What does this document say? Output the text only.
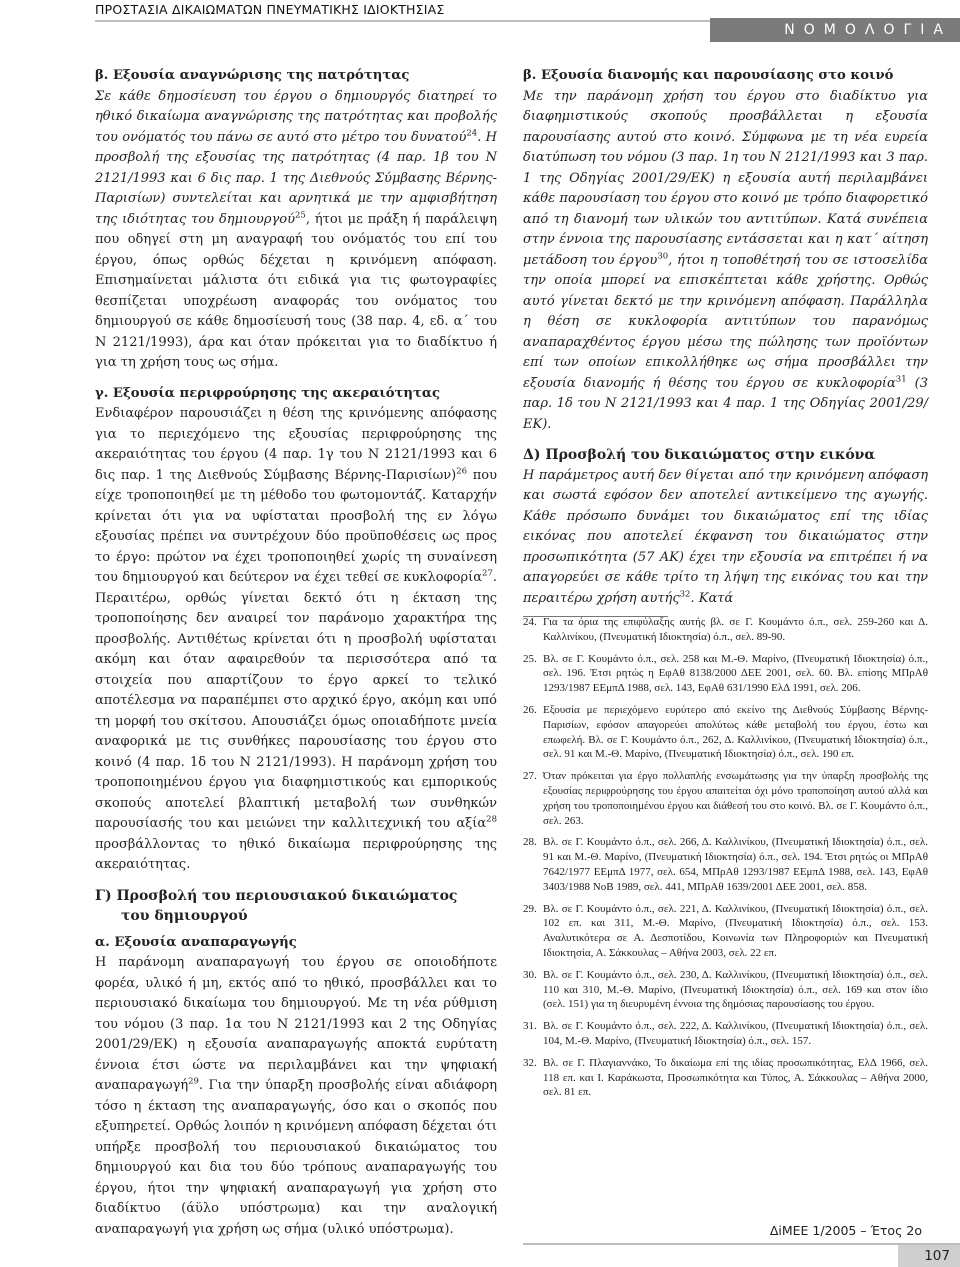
ΠΡΟΣΤΑΣΙΑ ΔΙΚΑΙΩΜΑΤΩΝ ΠΝΕΥΜΑΤΙΚΗΣ ΙΔΙΟΚΤΗΣΙΑΣ
ΝΟΜΟΛΟΓΙΑ

β. Εξουσία αναγνώρισης της πατρότητας

Σε κάθε δημοσίευση του έργου ο δημιουργός διατηρεί το ηθικό δικαίωμα αναγνώρισης της πατρότητας και προβολής του ονόματός του πάνω σε αυτό στο μέτρο του δυνατού$^{24}$. Η προσβολή της εξουσίας της πατρότητας (4 παρ. 1β του Ν 2121/1993 και 6 δις παρ. 1 της Διεθνούς Σύμβασης Βέρνης-Παρισίων) συντελείται και αρνητικά με την αμφισβήτηση της ιδιότητας του δημιουργού$^{25}$, ήτοι με πράξη ή παράλειψη που οδηγεί στη μη αναγραφή του ονόματός του επί του έργου, όπως ορθώς δέχεται η κρινόμενη απόφαση. Επισημαίνεται μάλιστα ότι ειδικά για τις φωτογραφίες θεσπίζεται υποχρέωση αναφοράς του ονόματος του δημιουργού σε κάθε δημοσίευσή τους (38 παρ. 4, εδ. α΄ του Ν 2121/1993), άρα και όταν πρόκειται για το διαδίκτυο ή για τη χρήση τους ως σήμα.

γ. Εξουσία περιφρούρησης της ακεραιότητας

Ενδιαφέρον παρουσιάζει η θέση της κρινόμενης απόφασης για το περιεχόμενο της εξουσίας περιφρούρησης της ακεραιότητας του έργου (4 παρ. 1γ του Ν 2121/1993 και 6 δις παρ. 1 της Διεθνούς Σύμβασης Βέρνης-Παρισίων)$^{26}$ που είχε τροποποιηθεί με τη μέθοδο του φωτομοντάζ. Καταρχήν κρίνεται ότι για να υφίσταται προσβολή της εν λόγω εξουσίας πρέπει να συντρέχουν δύο προϋποθέσεις ως προς το έργο: πρώτον να έχει τροποποιηθεί χωρίς τη συναίνεση του δημιουργού και δεύτερον να έχει τεθεί σε κυκλοφορία$^{27}$. Περαιτέρω, ορθώς γίνεται δεκτό ότι η έκταση της τροποποίησης δεν αναιρεί τον παράνομο χαρακτήρα της προσβολής. Αντιθέτως κρίνεται ότι η προσβολή υφίσταται ακόμη και όταν αφαιρεθούν τα περισσότερα από τα στοιχεία που απαρτίζουν το έργο αρκεί το τελικό αποτέλεσμα να παραπέμπει στο αρχικό έργο, ακόμη και υπό τη μορφή του σκίτσου. Απουσιάζει όμως οποιαδήποτε μνεία αναφορικά με τις συνθήκες παρουσίασης του έργου στο κοινό (4 παρ. 1δ του Ν 2121/1993). Η παράνομη χρήση του τροποποιημένου έργου για διαφημιστικούς και εμπορικούς σκοπούς αποτελεί βλαπτική μεταβολή των συνθηκών παρουσίασής του και μειώνει την καλλιτεχνική του αξία$^{28}$ προσβάλλοντας το ηθικό δικαίωμα περιφρούρησης της ακεραιότητας.

Γ) Προσβολή του περιουσιακού δικαιώματος

του δημιουργού

α. Εξουσία αναπαραγωγής

Η παράνομη αναπαραγωγή του έργου σε οποιοδήποτε φορέα, υλικό ή μη, εκτός από το ηθικό, προσβάλλει και το περιουσιακό δικαίωμα του δημιουργού. Με τη νέα ρύθμιση του νόμου (3 παρ. 1α του Ν 2121/1993 και 2 της Οδηγίας 2001/29/ΕΚ) η εξουσία αναπαραγωγής αποκτά ευρύτατη έννοια έτσι ώστε να περιλαμβάνει και την ψηφιακή αναπαραγωγή$^{29}$. Για την ύπαρξη προσβολής είναι αδιάφορη τόσο η έκταση της αναπαραγωγής, όσο και ο σκοπός που εξυπηρετεί. Ορθώς λοιπόν η κρινόμενη απόφαση δέχεται ότι υπήρξε προσβολή του περιουσιακού δικαιώματος του δημιουργού και δια του δύο τρόπους αναπαραγωγής του έργου, ήτοι την ψηφιακή αναπαραγωγή για χρήση στο διαδίκτυο (άϋλο υπόστρωμα) και την αναλογική αναπαραγωγή για χρήση ως σήμα (υλικό υπόστρωμα).

β. Εξουσία διανομής και παρουσίασης στο κοινό

Με την παράνομη χρήση του έργου στο διαδίκτυο για διαφημιστικούς σκοπούς προσβάλλεται η εξουσία παρουσίασης αυτού στο κοινό. Σύμφωνα με τη νέα ευρεία διατύπωση του νόμου (3 παρ. 1η του Ν 2121/1993 και 3 παρ. 1 της Οδηγίας 2001/29/ΕΚ) η εξουσία αυτή περιλαμβάνει κάθε παρουσίαση του έργου στο κοινό με τρόπο διαφορετικό από τη διανομή των υλικών του αντιτύπων. Κατά συνέπεια στην έννοια της παρουσίασης εντάσσεται και η κατ΄ αίτηση μετάδοση του έργου$^{30}$, ήτοι η τοποθέτησή του σε ιστοσελίδα την οποία μπορεί να επισκέπτεται κάθε χρήστης. Ορθώς αυτό γίνεται δεκτό με την κρινόμενη απόφαση. Παράλληλα η θέση σε κυκλοφορία αντιτύπων του παρανόμως αναπαραχθέντος έργου μέσω της πώλησης των προϊόντων επί των οποίων επικολλήθηκε ως σήμα προσβάλλει την εξουσία διανομής ή θέσης του έργου σε κυκλοφορία$^{31}$ (3 παρ. 1δ του Ν 2121/1993 και 4 παρ. 1 της Οδηγίας 2001/29/ΕΚ).

Δ) Προσβολή του δικαιώματος στην εικόνα

Η παράμετρος αυτή δεν θίγεται από την κρινόμενη απόφαση και σωστά εφόσον δεν αποτελεί αντικείμενο της αγωγής. Κάθε πρόσωπο δυνάμει του δικαιώματος επί της ιδίας εικόνας που αποτελεί έκφανση του δικαιώματος στην προσωπικότητα (57 ΑΚ) έχει την εξουσία να επιτρέπει ή να απαγορεύει σε κάθε τρίτο τη λήψη της εικόνας του και την περαιτέρω χρήση αυτής$^{32}$. Κατά

24. Για τα όρια της επιφύλαξης αυτής βλ. σε Γ. Κουμάντο ό.π., σελ. 259-260 και Δ. Καλλινίκου, (Πνευματική Ιδιοκτησία) ό.π., σελ. 89-90.
25. Βλ. σε Γ. Κουμάντο ό.π., σελ. 258 και Μ.-Θ. Μαρίνο, (Πνευματική Ιδιοκτησία) ό.π., σελ. 196. Έτσι ρητώς η ΕφΑθ 8138/2000 ΔΕΕ 2001, σελ. 60. Βλ. επίσης ΜΠρΑθ 1293/1987 ΕΕμπΔ 1988, σελ. 143, ΕφΑθ 631/1990 ΕλΔ 1991, σελ. 206.
26. Εξουσία με περιεχόμενο ευρύτερο από εκείνο της Διεθνούς Σύμβασης Βέρνης-Παρισίων, εφόσον απαγορεύει απολύτως κάθε μεταβολή του έργου, έστω και επωφελή. Βλ. σε Γ. Κουμάντο ό.π., 262, Δ. Καλλινίκου, (Πνευματική Ιδιοκτησία) ό.π., σελ. 91 και Μ.-Θ. Μαρίνο, (Πνευματική Ιδιοκτησία) ό.π., σελ. 190 επ.
27. Όταν πρόκειται για έργο πολλαπλής ενσωμάτωσης για την ύπαρξη προσβολής της εξουσίας περιφρούρησης του έργου απαιτείται όχι μόνο τροποποίηση αυτού αλλά και χρήση του τροποποιημένου έργου και διάθεσή του στο κοινό. Βλ. σε Γ. Κουμάντο ό.π., σελ. 263.
28. Βλ. σε Γ. Κουμάντο ό.π., σελ. 266, Δ. Καλλινίκου, (Πνευματική Ιδιοκτησία) ό.π., σελ. 91 και Μ.-Θ. Μαρίνο, (Πνευματική Ιδιοκτησία) ό.π., σελ. 194. Έτσι ρητώς οι ΜΠρΑθ 7642/1977 ΕΕμπΔ 1977, σελ. 654, ΜΠρΑθ 1293/1987 ΕΕμπΔ 1988, σελ. 143, ΕφΑθ 3403/1988 ΝοΒ 1989, σελ. 441, ΜΠρΑθ 1639/2001 ΔΕΕ 2001, σελ. 858.
29. Βλ. σε Γ. Κουμάντο ό.π., σελ. 221, Δ. Καλλινίκου, (Πνευματική Ιδιοκτησία) ό.π., σελ. 102 επ. και 311, Μ.-Θ. Μαρίνο, (Πνευματική Ιδιοκτησία) ό.π., σελ. 153. Αναλυτικότερα σε Α. Δεσποτίδου, Κοινωνία των Πληροφοριών και Πνευματική Ιδιοκτησία, Α. Σάκκουλας – Αθήνα 2003, σελ. 22 επ.
30. Βλ. σε Γ. Κουμάντο ό.π., σελ. 230, Δ. Καλλινίκου, (Πνευματική Ιδιοκτησία) ό.π., σελ. 110 και 310, Μ.-Θ. Μαρίνο, (Πνευματική Ιδιοκτησία) ό.π., σελ. 169 και στον ίδιο (σελ. 151) για τη διευρυμένη έννοια της δημόσιας παρουσίασης του έργου.
31. Βλ. σε Γ. Κουμάντο ό.π., σελ. 222, Δ. Καλλινίκου, (Πνευματική Ιδιοκτησία) ό.π., σελ. 104, Μ.-Θ. Μαρίνο, (Πνευματική Ιδιοκτησία) ό.π., σελ. 157.
32. Βλ. σε Γ. Πλαγιαννάκο, Το δικαίωμα επί της ιδίας προσωπικότητας, ΕλΔ 1966, σελ. 118 επ. και Ι. Καράκωστα, Προσωπικότητα και Τύπος, Α. Σάκκουλας – Αθήνα 2000, σελ. 81 επ.
ΔiΜΕΕ 1/2005 – Έτος 2ο
107
